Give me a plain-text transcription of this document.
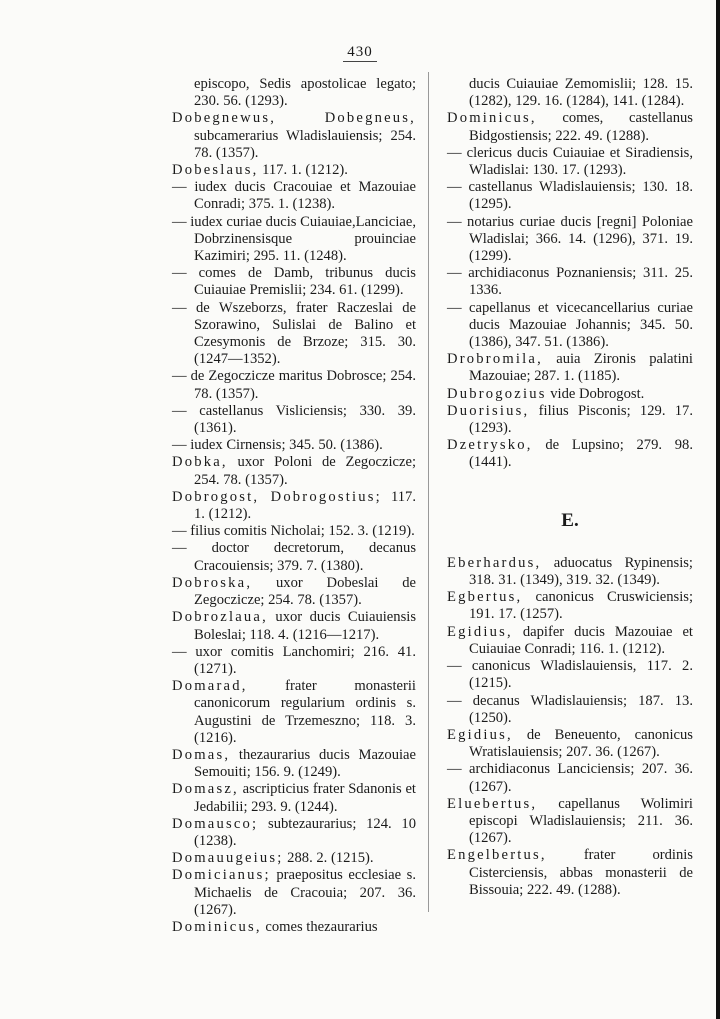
430

episcopo, Sedis apostolicae legato; 230. 56. (1293).

Dobegnewus, Dobegneus, subcamerarius Wladislauiensis; 254. 78. (1357).

Dobeslaus, 117. 1. (1212).

— iudex ducis Cracouiae et Mazouiae Conradi; 375. 1. (1238).

— iudex curiae ducis Cuiauiae,Lanciciae, Dobrzinensisque prouinciae Kazimiri; 295. 11. (1248).

— comes de Damb, tribunus ducis Cuiauiae Premislii; 234. 61. (1299).

— de Wszeborzs, frater Raczeslai de Szorawino, Sulislai de Balino et Czesymonis de Brzoze; 315. 30. (1247—1352).

— de Zegoczicze maritus Dobrosce; 254. 78. (1357).

— castellanus Visliciensis; 330. 39. (1361).

— iudex Cirnensis; 345. 50. (1386).

Dobka, uxor Poloni de Zegoczicze; 254. 78. (1357).

Dobrogost, Dobrogostius; 117. 1. (1212).

— filius comitis Nicholai; 152. 3. (1219).

— doctor decretorum, decanus Cracouiensis; 379. 7. (1380).

Dobroska, uxor Dobeslai de Zegoczicze; 254. 78. (1357).

Dobrozlaua, uxor ducis Cuiauiensis Boleslai; 118. 4. (1216—1217).

— uxor comitis Lanchomiri; 216. 41. (1271).

Domarad, frater monasterii canonicorum regularium ordinis s. Augustini de Trzemeszno; 118. 3. (1216).

Domas, thezaurarius ducis Mazouiae Semouiti; 156. 9. (1249).

Domasz, ascripticius frater Sdanonis et Jedabilii; 293. 9. (1244).

Domausco; subtezaurarius; 124. 10 (1238).

Domauugeius; 288. 2. (1215).

Domicianus; praepositus ecclesiae s. Michaelis de Cracouia; 207. 36. (1267).

Dominicus, comes thezaurarius

ducis Cuiauiae Zemomislii; 128. 15. (1282), 129. 16. (1284), 141. (1284).

Dominicus, comes, castellanus Bidgostiensis; 222. 49. (1288).

— clericus ducis Cuiauiae et Siradiensis, Wladislai: 130. 17. (1293).

— castellanus Wladislauiensis; 130. 18. (1295).

— notarius curiae ducis [regni] Poloniae Wladislai; 366. 14. (1296), 371. 19. (1299).

— archidiaconus Poznaniensis; 311. 25. 1336.

— capellanus et vicecancellarius curiae ducis Mazouiae Johannis; 345. 50. (1386), 347. 51. (1386).

Drobromila, auia Zironis palatini Mazouiae; 287. 1. (1185).

Dubrogozius vide Dobrogost.

Duorisius, filius Pisconis; 129. 17. (1293).

Dzetrysko, de Lupsino; 279. 98. (1441).

E.

Eberhardus, aduocatus Rypinensis; 318. 31. (1349), 319. 32. (1349).

Egbertus, canonicus Cruswiciensis; 191. 17. (1257).

Egidius, dapifer ducis Mazouiae et Cuiauiae Conradi; 116. 1. (1212).

— canonicus Wladislauiensis, 117. 2. (1215).

— decanus Wladislauiensis; 187. 13. (1250).

Egidius, de Beneuento, canonicus Wratislauiensis; 207. 36. (1267).

— archidiaconus Lanciciensis; 207. 36. (1267).

Eluebertus, capellanus Wolimiri episcopi Wladislauiensis; 211. 36. (1267).

Engelbertus, frater ordinis Cisterciensis, abbas monasterii de Bissouia; 222. 49. (1288).
